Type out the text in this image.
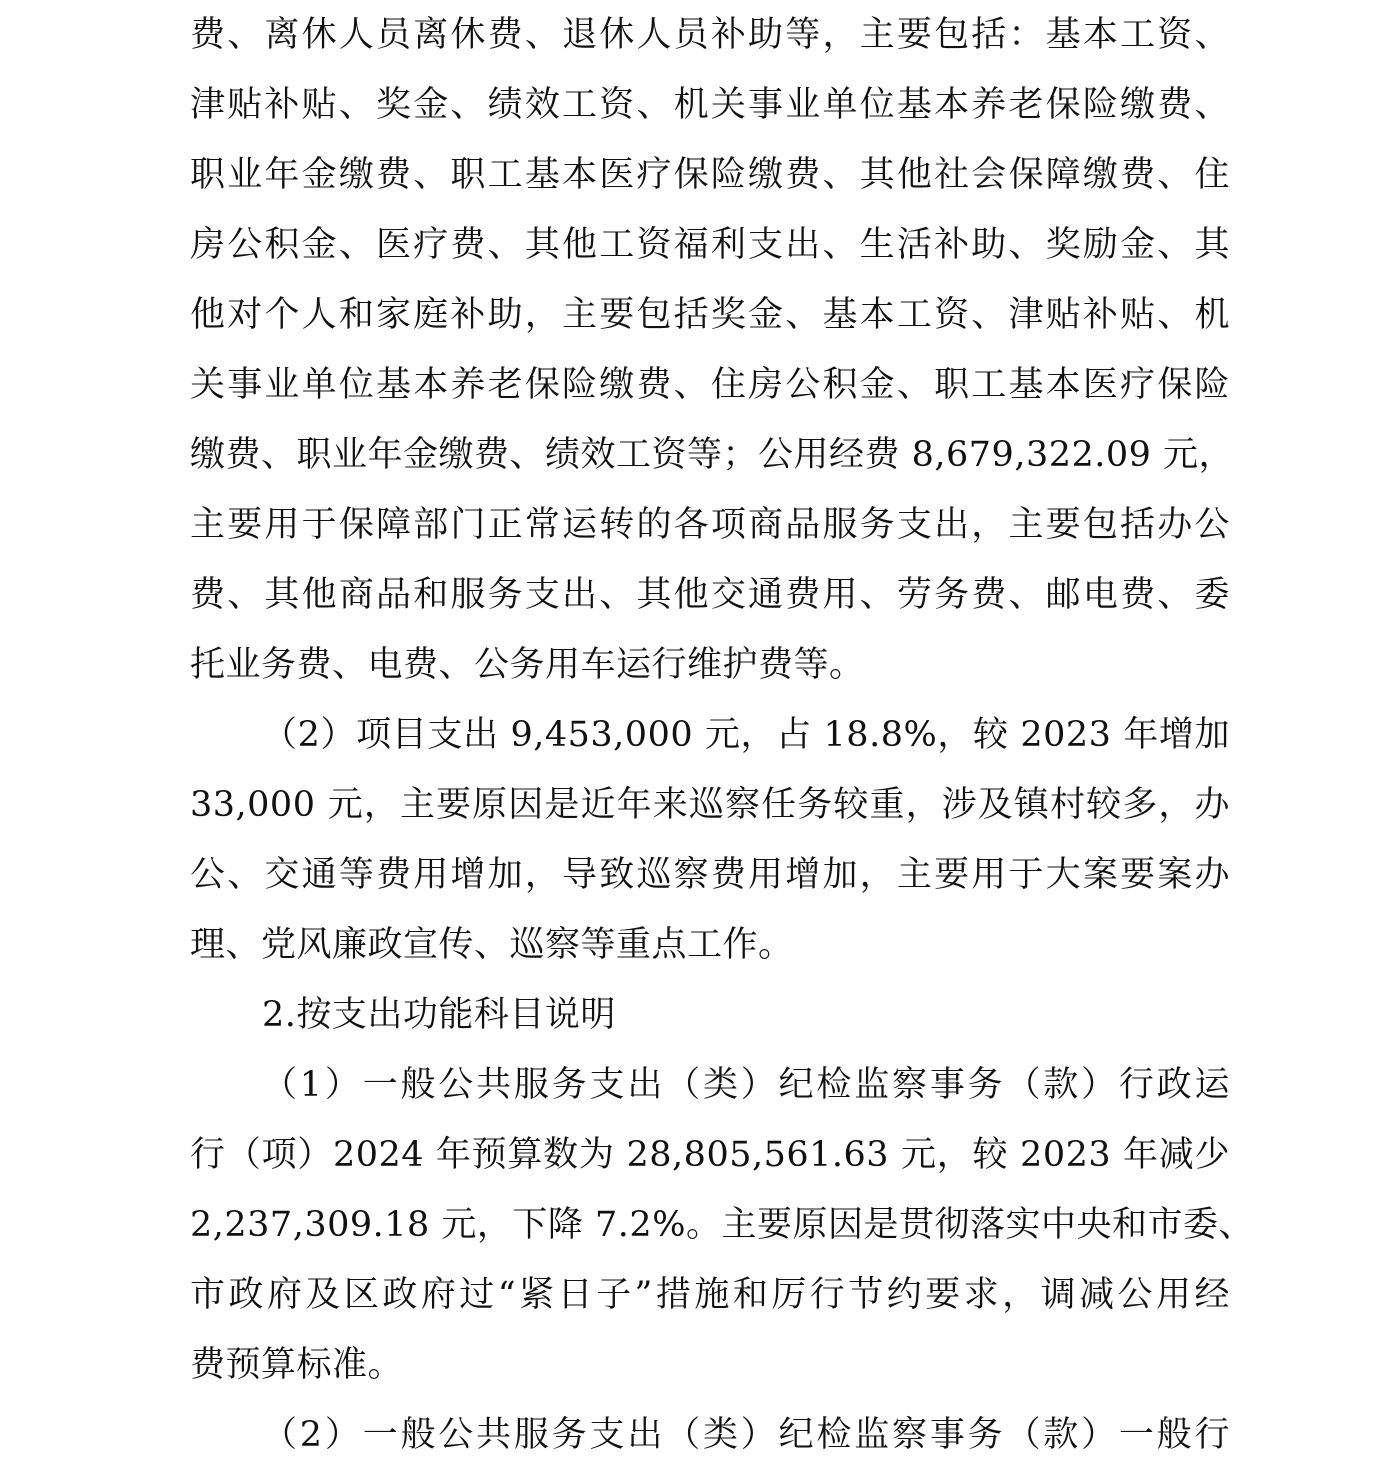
费、离休人员离休费、退休人员补助等，主要包括：基本工资、
津贴补贴、奖金、绩效工资、机关事业单位基本养老保险缴费、
职业年金缴费、职工基本医疗保险缴费、其他社会保障缴费、住
房公积金、医疗费、其他工资福利支出、生活补助、奖励金、其
他对个人和家庭补助，主要包括奖金、基本工资、津贴补贴、机
关事业单位基本养老保险缴费、住房公积金、职工基本医疗保险
缴费、职业年金缴费、绩效工资等；公用经费 8,679,322.09 元，
主要用于保障部门正常运转的各项商品服务支出，主要包括办公
费、其他商品和服务支出、其他交通费用、劳务费、邮电费、委
托业务费、电费、公务用车运行维护费等。
（2）项目支出 9,453,000 元，占 18.8%，较 2023 年增加
33,000 元，主要原因是近年来巡察任务较重，涉及镇村较多，办
公、交通等费用增加，导致巡察费用增加，主要用于大案要案办
理、党风廉政宣传、巡察等重点工作。
2.按支出功能科目说明
（1）一般公共服务支出（类）纪检监察事务（款）行政运
行（项）2024 年预算数为 28,805,561.63 元，较 2023 年减少
2,237,309.18 元，下降 7.2%。主要原因是贯彻落实中央和市委、
市政府及区政府过“紧日子”措施和厉行节约要求，调减公用经
费预算标准。
（2）一般公共服务支出（类）纪检监察事务（款）一般行
